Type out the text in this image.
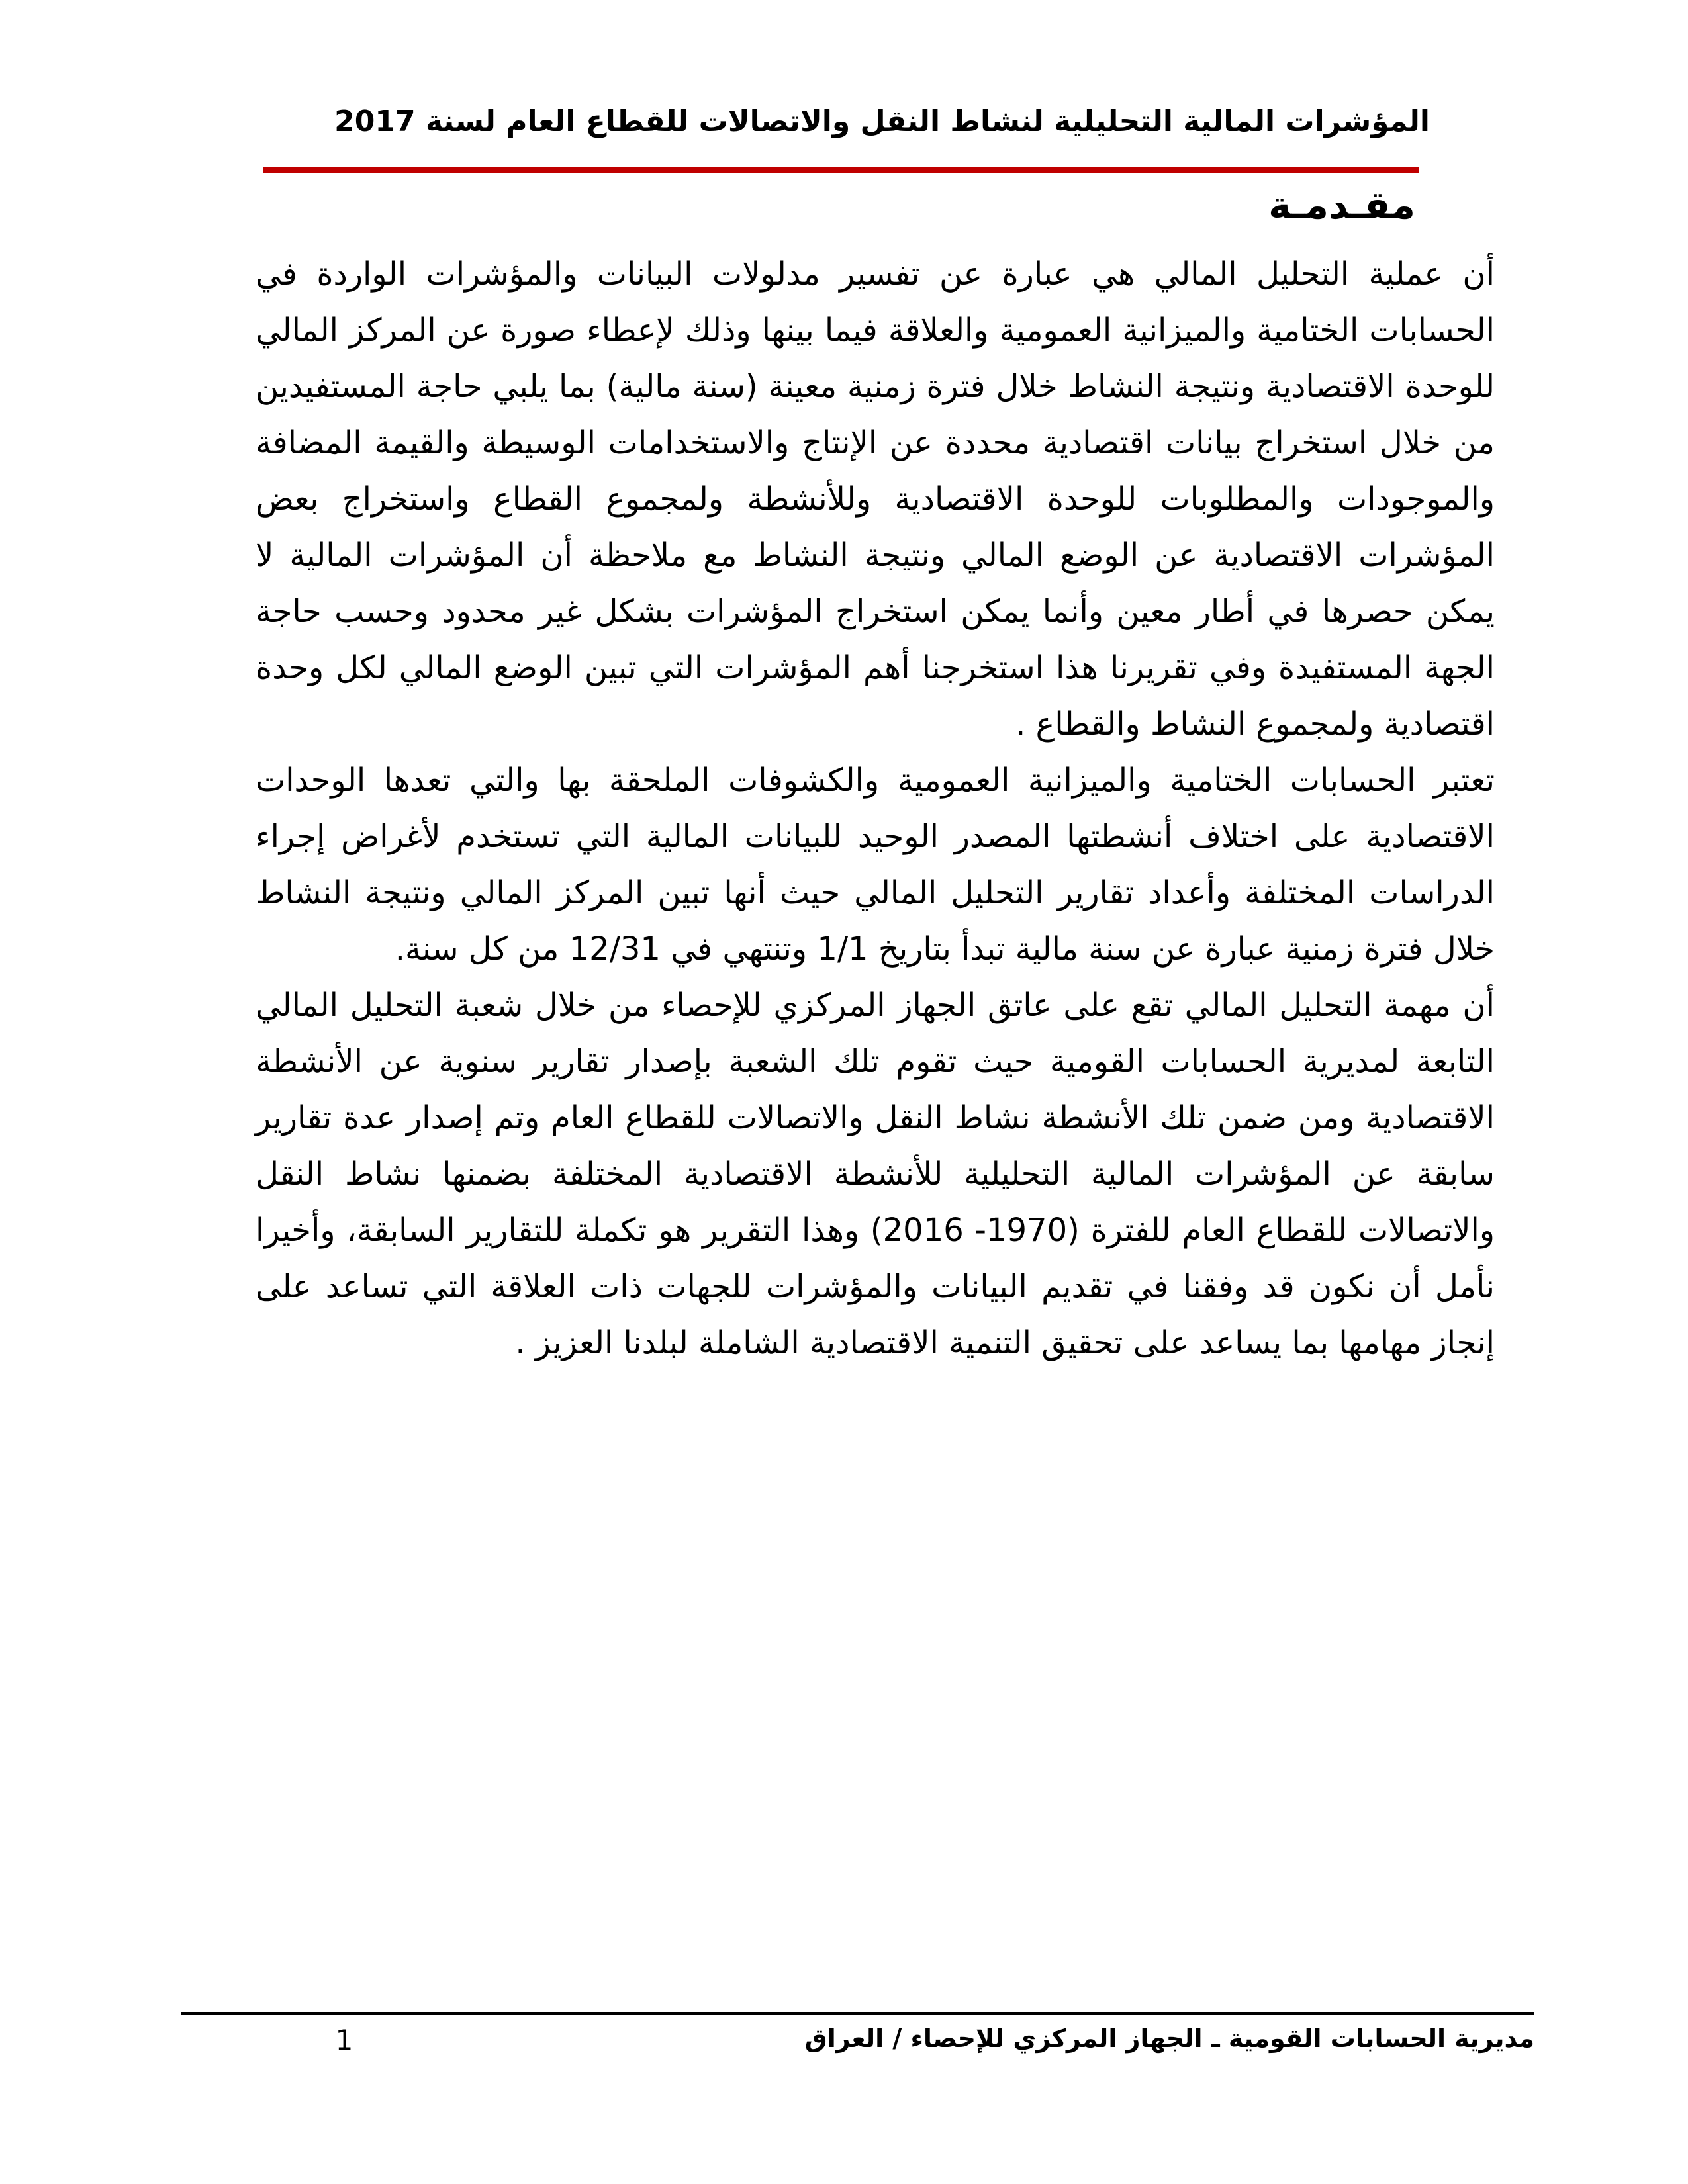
المؤشرات المالية التحليلية لنشاط النقل والاتصالات للقطاع العام لسنة 2017
مقـدمـة

أن عملية التحليل المالي هي عبارة عن تفسير مدلولات البيانات والمؤشرات الواردة في الحسابات الختامية والميزانية العمومية والعلاقة فيما بينها وذلك لإعطاء صورة عن المركز المالي للوحدة الاقتصادية ونتيجة النشاط خلال فترة زمنية معينة (سنة مالية) بما يلبي حاجة المستفيدين من خلال استخراج بيانات اقتصادية محددة عن الإنتاج والاستخدامات الوسيطة والقيمة المضافة والموجودات والمطلوبات للوحدة الاقتصادية وللأنشطة ولمجموع القطاع واستخراج بعض المؤشرات الاقتصادية عن الوضع المالي ونتيجة النشاط مع ملاحظة أن المؤشرات المالية لا يمكن حصرها في أطار معين وأنما يمكن استخراج المؤشرات بشكل غير محدود وحسب حاجة الجهة المستفيدة وفي تقريرنا هذا استخرجنا أهم المؤشرات التي تبين الوضع المالي لكل وحدة اقتصادية ولمجموع النشاط والقطاع .

تعتبر الحسابات الختامية والميزانية العمومية والكشوفات الملحقة بها والتي تعدها الوحدات الاقتصادية على اختلاف أنشطتها المصدر الوحيد للبيانات المالية التي تستخدم لأغراض إجراء الدراسات المختلفة وأعداد تقارير التحليل المالي حيث أنها تبين المركز المالي ونتيجة النشاط خلال فترة زمنية عبارة عن سنة مالية تبدأ بتاريخ 1/1 وتنتهي في 12/31 من كل سنة.

أن مهمة التحليل المالي تقع على عاتق الجهاز المركزي للإحصاء من خلال شعبة التحليل المالي التابعة لمديرية الحسابات القومية حيث تقوم تلك الشعبة بإصدار تقارير سنوية عن الأنشطة الاقتصادية ومن ضمن تلك الأنشطة نشاط النقل والاتصالات للقطاع العام وتم إصدار عدة تقارير سابقة عن المؤشرات المالية التحليلية للأنشطة الاقتصادية المختلفة بضمنها نشاط النقل والاتصالات للقطاع العام للفترة (1970- 2016) وهذا التقرير هو تكملة للتقارير السابقة، وأخيرا نأمل أن نكون قد وفقنا في تقديم البيانات والمؤشرات للجهات ذات العلاقة التي تساعد على إنجاز مهامها بما يساعد على تحقيق التنمية الاقتصادية الشاملة لبلدنا العزيز .

مديرية الحسابات القومية ـ الجهاز المركزي للإحصاء / العراق
1
